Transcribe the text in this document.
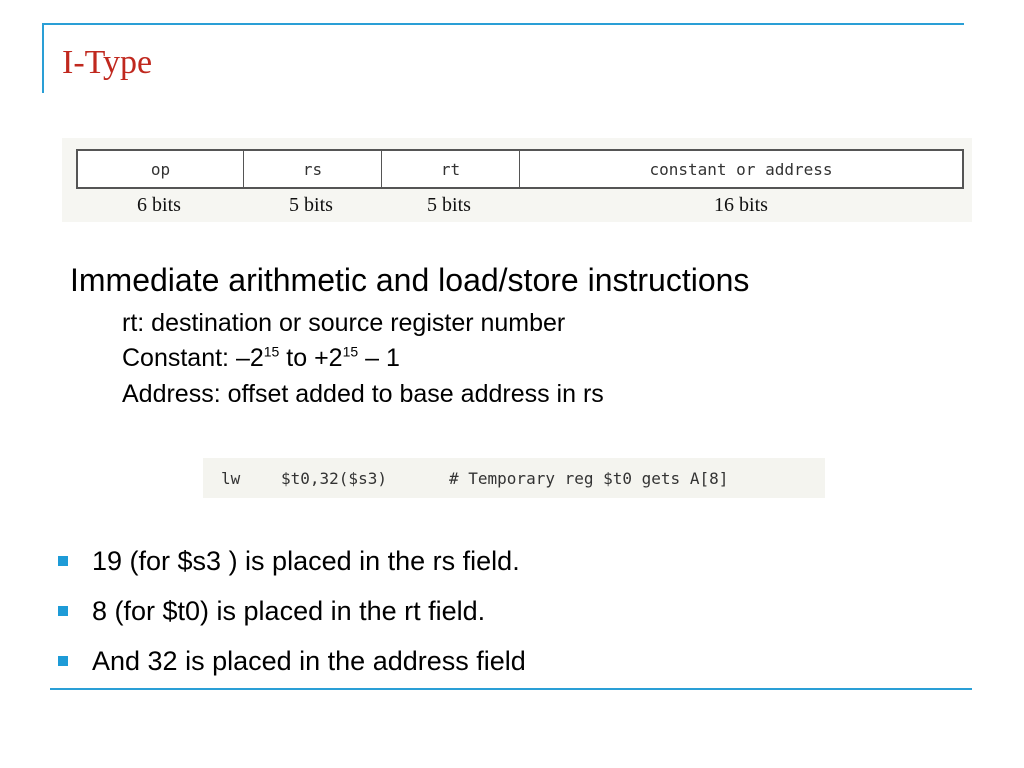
I-Type
op	rs	rt	constant or address
6 bits	5 bits	5 bits	16 bits
Immediate arithmetic and load/store instructions
rt: destination or source register number
Constant: $-2^{15}$ to $+2^{15} - 1$
Address: offset added to base address in rs
lw	$t0,32($s3)	# Temporary reg $t0 gets A[8]
19 (for $s3 ) is placed in the rs field.
8 (for $t0) is placed in the rt field.
And 32 is placed in the address field
